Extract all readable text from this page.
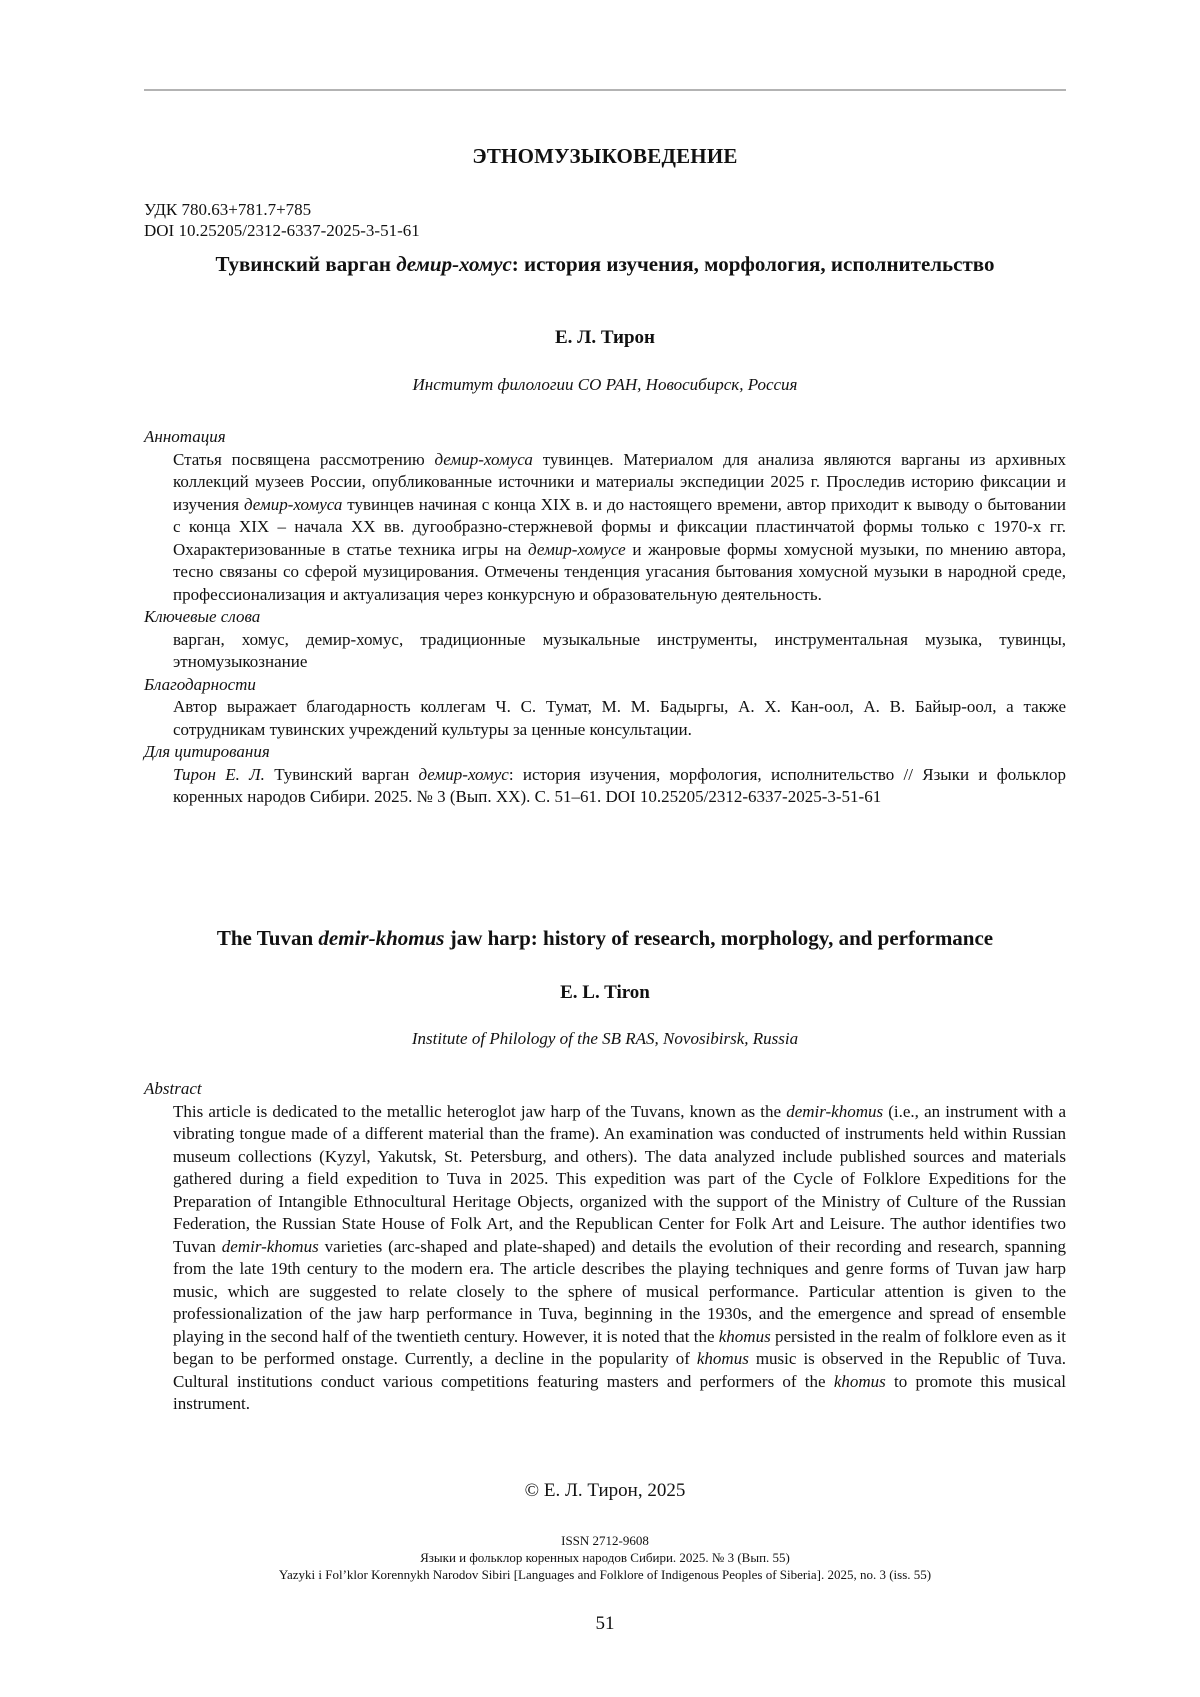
ЭТНОМУЗЫКОВЕДЕНИЕ
УДК 780.63+781.7+785
DOI 10.25205/2312-6337-2025-3-51-61
Тувинский варган демир-хомус: история изучения, морфология, исполнительство
Е. Л. Тирон
Институт филологии СО РАН, Новосибирск, Россия
Аннотация
Статья посвящена рассмотрению демир-хомуса тувинцев. Материалом для анализа являются варганы из архивных коллекций музеев России, опубликованные источники и материалы экспедиции 2025 г. Проследив историю фиксации и изучения демир-хомуса тувинцев начиная с конца XIX в. и до настоящего времени, автор приходит к выводу о бытовании с конца XIX – начала XX вв. дугообразно-стержневой формы и фиксации пластинчатой формы только с 1970-х гг. Охарактеризованные в статье техника игры на демир-хомусе и жанровые формы хомусной музыки, по мнению автора, тесно связаны со сферой музицирования. Отмечены тенденция угасания бытования хомусной музыки в народной среде, профессионализация и актуализация через конкурсную и образовательную деятельность.
Ключевые слова
варган, хомус, демир-хомус, традиционные музыкальные инструменты, инструментальная музыка, тувинцы, этномузыкознание
Благодарности
Автор выражает благодарность коллегам Ч. С. Тумат, М. М. Бадыргы, А. Х. Кан-оол, А. В. Байыр-оол, а также сотрудникам тувинских учреждений культуры за ценные консультации.
Для цитирования
Тирон Е. Л. Тувинский варган демир-хомус: история изучения, морфология, исполнительство // Языки и фольклор коренных народов Сибири. 2025. № 3 (Вып. XX). С. 51–61. DOI 10.25205/2312-6337-2025-3-51-61
The Tuvan demir-khomus jaw harp: history of research, morphology, and performance
E. L. Tiron
Institute of Philology of the SB RAS, Novosibirsk, Russia
Abstract
This article is dedicated to the metallic heteroglot jaw harp of the Tuvans, known as the demir-khomus (i.e., an instrument with a vibrating tongue made of a different material than the frame). An examination was conducted of instruments held within Russian museum collections (Kyzyl, Yakutsk, St. Petersburg, and others). The data analyzed include published sources and materials gathered during a field expedition to Tuva in 2025. This expedition was part of the Cycle of Folklore Expeditions for the Preparation of Intangible Ethnocultural Heritage Objects, organized with the support of the Ministry of Culture of the Russian Federation, the Russian State House of Folk Art, and the Republican Center for Folk Art and Leisure. The author identifies two Tuvan demir-khomus varieties (arc-shaped and plate-shaped) and details the evolution of their recording and research, spanning from the late 19th century to the modern era. The article describes the playing techniques and genre forms of Tuvan jaw harp music, which are suggested to relate closely to the sphere of musical performance. Particular attention is given to the professionalization of the jaw harp performance in Tuva, beginning in the 1930s, and the emergence and spread of ensemble playing in the second half of the twentieth century. However, it is noted that the khomus persisted in the realm of folklore even as it began to be performed onstage. Currently, a decline in the popularity of khomus music is observed in the Republic of Tuva. Cultural institutions conduct various competitions featuring masters and performers of the khomus to promote this musical instrument.
© Е. Л. Тирон, 2025
ISSN 2712-9608
Языки и фольклор коренных народов Сибири. 2025. № 3 (Вып. 55)
Yazyki i Fol’klor Korennykh Narodov Sibiri [Languages and Folklore of Indigenous Peoples of Siberia]. 2025, no. 3 (iss. 55)
51
